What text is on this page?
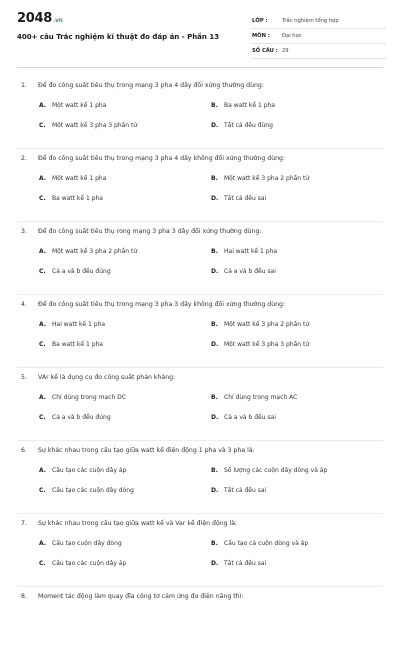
2048.vn
400+ câu Trắc nghiệm kĩ thuật đo đáp án - Phần 13
LỚP :	Trắc nghiệm tổng hợp
MÔN :	Đại học
SỐ CÂU : 29
1. Để đo công suất tiêu thụ trong mạng 3 pha 4 dây đối xứng thường dùng:
A. Một watt kế 1 pha	B. Ba watt kế 1 pha
C. Một watt kế 3 pha 3 phần tử	D. Tất cả đều đúng
2. Để đo công suất tiêu thụ trong mạng 3 pha 4 dây không đối xứng thường dùng:
A. Một watt kế 1 pha	B. Một watt kế 3 pha 2 phần tử
C. Ba watt kế 1 pha	D. Tất cả đều sai
3. Để đo công suất tiêu thụ rong mạng 3 pha 3 dây đối xứng thường dùng:
A. Một watt kế 3 pha 2 phần tử	B. Hai watt kế 1 pha
C. Cả a và b đều đúng	D. Cả a và b đều sai
4. Để đo công suất tiêu thụ trong mạng 3 pha 3 dây không đối xứng thường dùng:
A. Hai watt kế 1 pha	B. Một watt kế 3 pha 2 phần tử
C. Ba watt kế 1 pha	D. Một watt kế 3 pha 3 phần tử
5. VAr kế là dụng cụ đo công suất phản kháng:
A. Chỉ dùng trong mạch DC	B. Chỉ dùng trong mạch AC
C. Cả a và b đều đúng	D. Cả a và b đều sai
6. Sự khác nhau trong cấu tạo giữa watt kế điện động 1 pha và 3 pha là:
A. Cấu tạo các cuộn dây áp	B. Số lượng các cuộn dây dòng và áp
C. Cấu tạo các cuộn dây dòng	D. Tất cả đều sai
7. Sự khác nhau trong cấu tạo giữa watt kế và Var kế điện động là:
A. Cấu tạo cuộn dây dòng	B. Cấu tạo cả cuộn dòng và áp
C. Cấu tạo các cuộn dây áp	D. Tất cả đều sai
8. Moment tác động làm quay đĩa công tơ cảm ứng đo điện năng thì:
